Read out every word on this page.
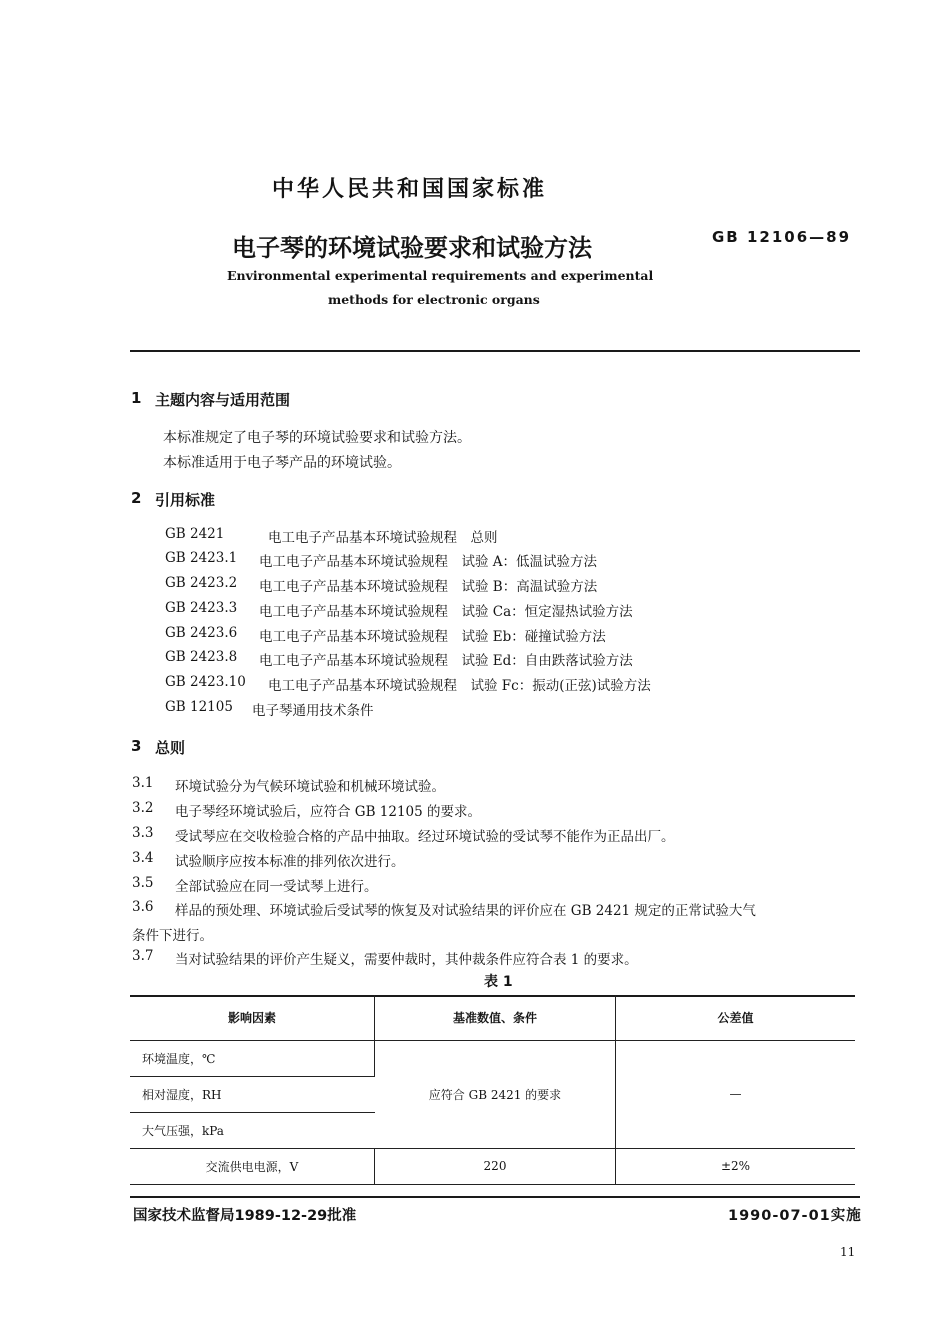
中华人民共和国国家标准
电子琴的环境试验要求和试验方法	GB 12106—89
Environmental experimental requirements and experimental
methods for electronic organs
1 主题内容与适用范围
本标准规定了电子琴的环境试验要求和试验方法。
本标准适用于电子琴产品的环境试验。
2 引用标准
GB 2421	电工电子产品基本环境试验规程　总则
GB 2423.1 电工电子产品基本环境试验规程　试验 A：低温试验方法
GB 2423.2 电工电子产品基本环境试验规程　试验 B：高温试验方法
GB 2423.3 电工电子产品基本环境试验规程　试验 Ca：恒定湿热试验方法
GB 2423.6 电工电子产品基本环境试验规程　试验 Eb：碰撞试验方法
GB 2423.8 电工电子产品基本环境试验规程　试验 Ed：自由跌落试验方法
GB 2423.10 电工电子产品基本环境试验规程　试验 Fc：振动(正弦)试验方法
GB 12105 电子琴通用技术条件
3 总则
3.1 环境试验分为气候环境试验和机械环境试验。
3.2 电子琴经环境试验后，应符合 GB 12105 的要求。
3.3 受试琴应在交收检验合格的产品中抽取。经过环境试验的受试琴不能作为正品出厂。
3.4 试验顺序应按本标准的排列依次进行。
3.5 全部试验应在同一受试琴上进行。
3.6 样品的预处理、环境试验后受试琴的恢复及对试验结果的评价应在 GB 2421 规定的正常试验大气
条件下进行。
3.7 当对试验结果的评价产生疑义，需要仲裁时，其仲裁条件应符合表 1 的要求。
表 1
影响因素	基准数值、条件	公差值
环境温度，℃	应符合 GB 2421 的要求	—
相对湿度，RH		
大气压强，kPa		
交流供电电源，V	220	±2%
国家技术监督局1989-12-29批准	1990-07-01实施
11
